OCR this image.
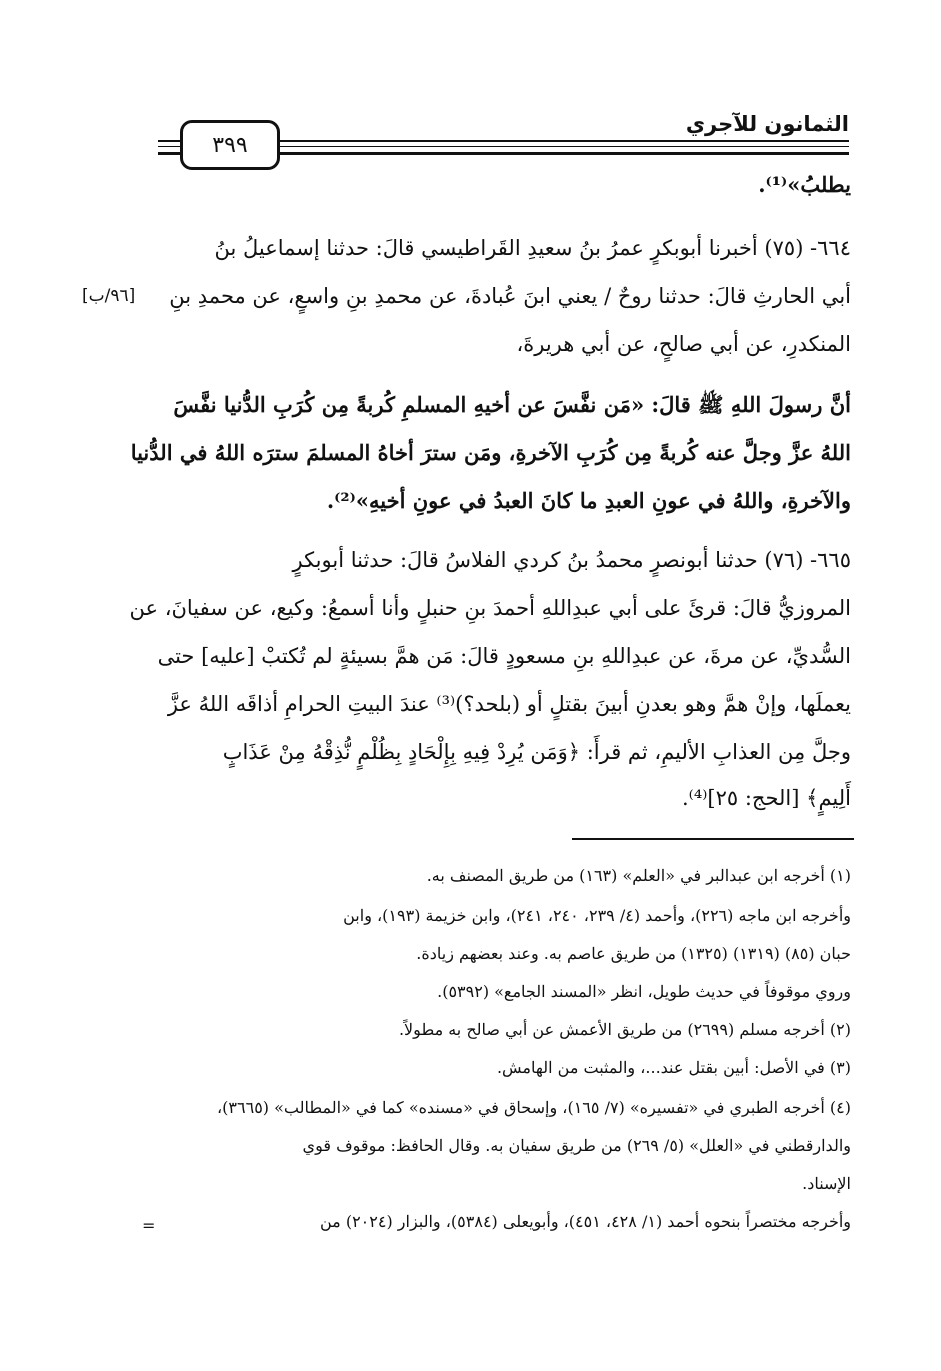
الثمانون للآجري
٣٩٩
يطلبُ»⁽¹⁾.
٦٦٤- (٧٥) أخبرنا أبوبكرٍ عمرُ بنُ سعيدِ القَراطيسي قالَ: حدثنا إسماعيلُ بنُ
أبي الحارثِ قالَ: حدثنا روحٌ / يعني ابنَ عُبادةَ، عن محمدِ بنِ واسعٍ، عن محمدِ بنِ
المنكدرِ، عن أبي صالحٍ، عن أبي هريرةَ،
[٩٦/ب]
أنَّ رسولَ اللهِ ﷺ قالَ: «مَن نفَّسَ عن أخيهِ المسلمِ كُربةً مِن كُرَبِ الدُّنيا نفَّسَ
اللهُ عزَّ وجلَّ عنه كُربةً مِن كُرَبِ الآخرةِ، ومَن سترَ أخاهُ المسلمَ سترَه اللهُ في الدُّنيا
والآخرةِ، واللهُ في عونِ العبدِ ما كانَ العبدُ في عونِ أخيهِ»⁽²⁾.
٦٦٥- (٧٦) حدثنا أبونصرٍ محمدُ بنُ كردي الفلاسُ قالَ: حدثنا أبوبكرٍ
المروزيُّ قالَ: قرئَ على أبي عبدِاللهِ أحمدَ بنِ حنبلٍ وأنا أسمعُ: وكيع، عن سفيانَ، عن
السُّديِّ، عن مرةَ، عن عبدِاللهِ بنِ مسعودٍ قالَ: مَن همَّ بسيئةٍ لم تُكتبْ [عليه] حتى
يعملَها، وإنْ همَّ وهو بعدنِ أبينَ بقتلٍ أو (بلحد؟)⁽³⁾ عندَ البيتِ الحرامِ أذاقَه اللهُ عزَّ
وجلَّ مِن العذابِ الأليمِ، ثم قرأَ: ﴿وَمَن يُرِدْ فِيهِ بِإِلْحَادٍ بِظُلْمٍ نُّذِقْهُ مِنْ عَذَابٍ
أَلِيمٍ﴾ [الحج: ٢٥]⁽⁴⁾.
(١) أخرجه ابن عبدالبر في «العلم» (١٦٣) من طريق المصنف به.
وأخرجه ابن ماجه (٢٢٦)، وأحمد (٤/ ٢٣٩، ٢٤٠، ٢٤١)، وابن خزيمة (١٩٣)، وابن
حبان (٨٥) (١٣١٩) (١٣٢٥) من طريق عاصم به. وعند بعضهم زيادة.
وروي موقوفاً في حديث طويل، انظر «المسند الجامع» (٥٣٩٢).
(٢) أخرجه مسلم (٢٦٩٩) من طريق الأعمش عن أبي صالح به مطولاً.
(٣) في الأصل: أبين بقتل عند...، والمثبت من الهامش.
(٤) أخرجه الطبري في «تفسيره» (٧/ ١٦٥)، وإسحاق في «مسنده» كما في «المطالب» (٣٦٦٥)،
والدارقطني في «العلل» (٥/ ٢٦٩) من طريق سفيان به. وقال الحافظ: موقوف قوي
الإسناد.
وأخرجه مختصراً بنحوه أحمد (١/ ٤٢٨، ٤٥١)، وأبويعلى (٥٣٨٤)، والبزار (٢٠٢٤) من
=
